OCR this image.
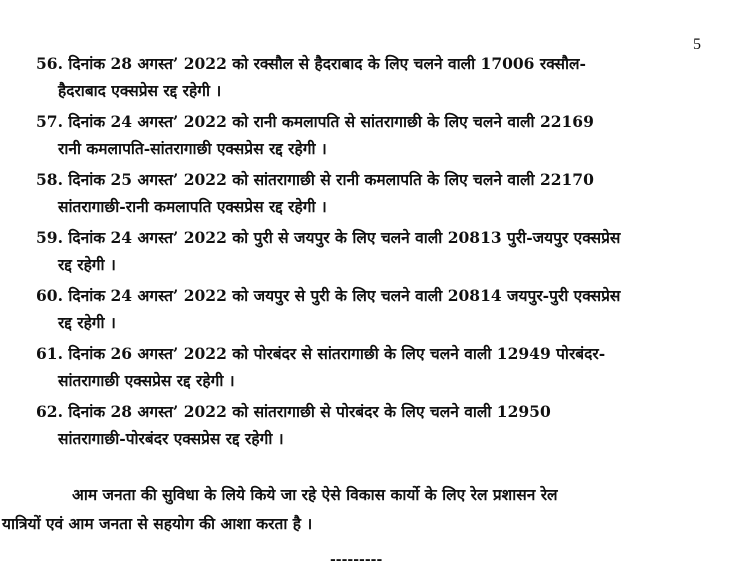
5
56. दिनांक 28 अगस्त’ 2022 को रक्सौल से हैदराबाद के लिए चलने वाली 17006 रक्सौल-
हैदराबाद एक्सप्रेस रद्द रहेगी ।
57. दिनांक 24 अगस्त’ 2022 को रानी कमलापति से सांतरागाछी के लिए चलने वाली 22169
रानी कमलापति-सांतरागाछी एक्सप्रेस रद्द रहेगी ।
58. दिनांक 25 अगस्त’ 2022 को सांतरागाछी से रानी कमलापति के लिए चलने वाली 22170
सांतरागाछी-रानी कमलापति एक्सप्रेस रद्द रहेगी ।
59. दिनांक 24 अगस्त’ 2022 को पुरी से जयपुर के लिए चलने वाली 20813 पुरी-जयपुर एक्सप्रेस
रद्द रहेगी ।
60. दिनांक 24 अगस्त’ 2022 को जयपुर से पुरी के लिए चलने वाली 20814 जयपुर-पुरी एक्सप्रेस
रद्द रहेगी ।
61. दिनांक 26 अगस्त’ 2022 को पोरबंदर से सांतरागाछी के लिए चलने वाली 12949 पोरबंदर-
सांतरागाछी एक्सप्रेस रद्द रहेगी ।
62. दिनांक 28 अगस्त’ 2022 को सांतरागाछी से पोरबंदर के लिए चलने वाली 12950
सांतरागाछी-पोरबंदर एक्सप्रेस रद्द रहेगी ।
आम जनता की सुविधा के लिये किये जा रहे ऐसे विकास कार्यो के लिए रेल प्रशासन रेल
यात्रियों एवं आम जनता से सहयोग की आशा करता है ।
---------
